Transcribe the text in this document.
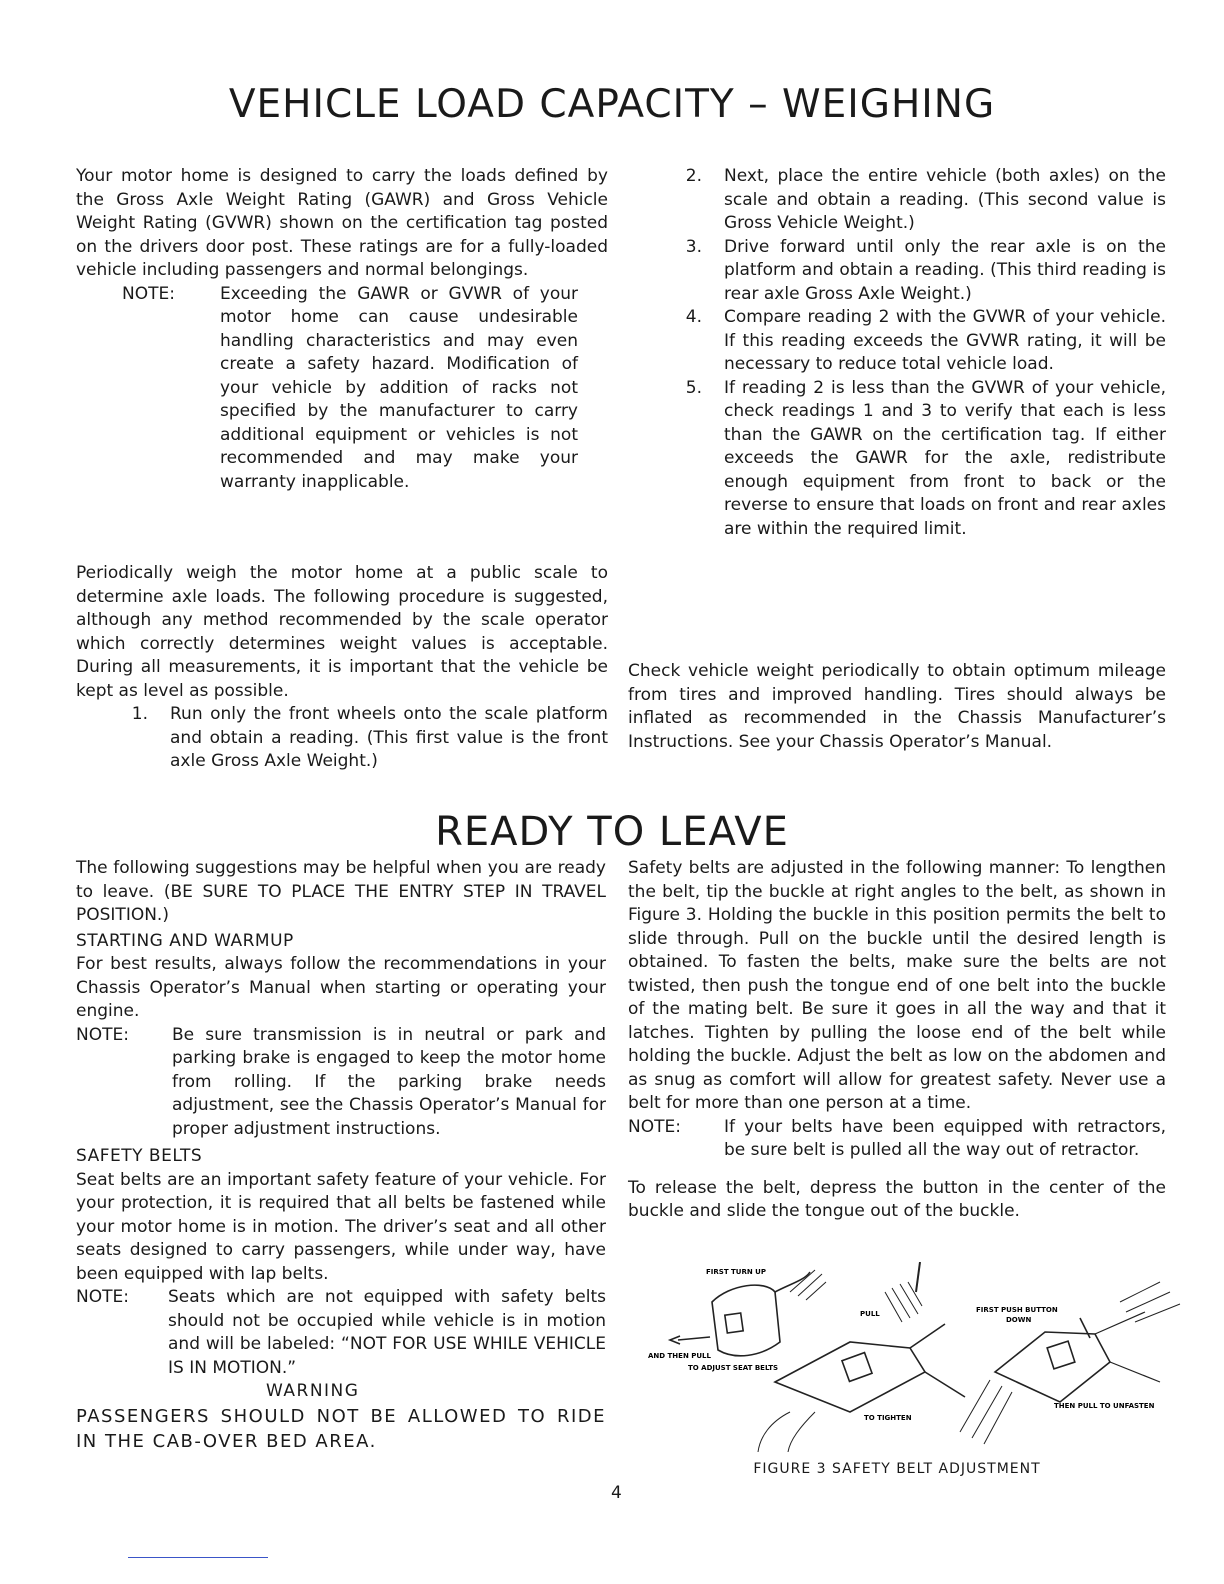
VEHICLE LOAD CAPACITY – WEIGHING

Your motor home is designed to carry the loads defined by the Gross Axle Weight Rating (GAWR) and Gross Vehicle Weight Rating (GVWR) shown on the certification tag posted on the drivers door post. These ratings are for a fully-loaded vehicle including passengers and normal belongings.

NOTE:	Exceeding the GAWR or GVWR of your motor home can cause undesirable handling characteristics and may even create a safety hazard. Modification of your vehicle by addition of racks not specified by the manufacturer to carry additional equipment or vehicles is not recommended and may make your warranty inapplicable.

Periodically weigh the motor home at a public scale to determine axle loads. The following procedure is suggested, although any method recommended by the scale operator which correctly determines weight values is acceptable. During all measurements, it is important that the vehicle be kept as level as possible.

1.	Run only the front wheels onto the scale platform and obtain a reading. (This first value is the front axle Gross Axle Weight.)
2.	Next, place the entire vehicle (both axles) on the scale and obtain a reading. (This second value is Gross Vehicle Weight.)
3.	Drive forward until only the rear axle is on the platform and obtain a reading. (This third reading is rear axle Gross Axle Weight.)
4.	Compare reading 2 with the GVWR of your vehicle. If this reading exceeds the GVWR rating, it will be necessary to reduce total vehicle load.
5.	If reading 2 is less than the GVWR of your vehicle, check readings 1 and 3 to verify that each is less than the GAWR on the certification tag. If either exceeds the GAWR for the axle, redistribute enough equipment from front to back or the reverse to ensure that loads on front and rear axles are within the required limit.

Check vehicle weight periodically to obtain optimum mileage from tires and improved handling. Tires should always be inflated as recommended in the Chassis Manufacturer’s Instructions. See your Chassis Operator’s Manual.

READY TO LEAVE

The following suggestions may be helpful when you are ready to leave. (BE SURE TO PLACE THE ENTRY STEP IN TRAVEL POSITION.)

STARTING AND WARMUP

For best results, always follow the recommendations in your Chassis Operator’s Manual when starting or operating your engine.

NOTE:	Be sure transmission is in neutral or park and parking brake is engaged to keep the motor home from rolling. If the parking brake needs adjustment, see the Chassis Operator’s Manual for proper adjustment instructions.
SAFETY BELTS

Seat belts are an important safety feature of your vehicle. For your protection, it is required that all belts be fastened while your motor home is in motion. The driver’s seat and all other seats designed to carry passengers, while under way, have been equipped with lap belts.

NOTE:	Seats which are not equipped with safety belts should not be occupied while vehicle is in motion and will be labeled: “NOT FOR USE WHILE VEHICLE IS IN MOTION.”
WARNING
PASSENGERS SHOULD NOT BE ALLOWED TO RIDE IN THE CAB-OVER BED AREA.

Safety belts are adjusted in the following manner: To lengthen the belt, tip the buckle at right angles to the belt, as shown in Figure 3. Holding the buckle in this position permits the belt to slide through. Pull on the buckle until the desired length is obtained. To fasten the belts, make sure the belts are not twisted, then push the tongue end of one belt into the buckle of the mating belt. Be sure it goes in all the way and that it latches. Tighten by pulling the loose end of the belt while holding the buckle. Adjust the belt as low on the abdomen and as snug as comfort will allow for greatest safety. Never use a belt for more than one person at a time.

NOTE:	If your belts have been equipped with retractors, be sure belt is pulled all the way out of retractor.

To release the belt, depress the button in the center of the buckle and slide the tongue out of the buckle.

FIRST TURN UP
PULL	FIRST PUSH BUTTON
DOWN
AND THEN PULL
TO ADJUST SEAT BELTS
TO TIGHTEN
THEN PULL TO UNFASTEN
FIGURE 3 SAFETY BELT ADJUSTMENT
4
